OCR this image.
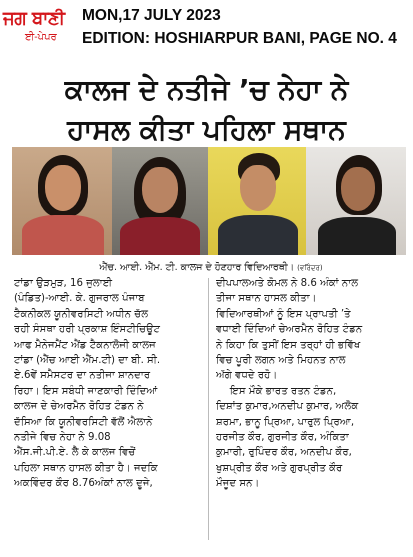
ਜਗ ਬਾਣੀ
ਈ-ਪੇਪਰ
MON,17 JULY 2023
EDITION: HOSHIARPUR BANI, PAGE NO. 4
ਕਾਲਜ ਦੇ ਨਤੀਜੇ ’ਚ ਨੇਹਾ ਨੇ
ਹਾਸਲ ਕੀਤਾ ਪਹਿਲਾ ਸਥਾਨ
ਐੱਚ. ਆਈ. ਐੱਮ. ਟੀ. ਕਾਲਜ ਦੇ ਹੋਣਹਾਰ ਵਿਦਿਆਰਥੀ। (ਵਰਿੰਦਰ)
ਟਾਂਡਾ ਉੜਮੁੜ, 16 ਜੁਲਾਈ
(ਪੰਡਿਤ)-ਆਈ. ਕੇ. ਗੁਜਰਾਲ ਪੰਜਾਬ
ਟੈਕਨੀਕਲ ਯੂਨੀਵਰਸਿਟੀ ਅਧੀਨ ਚੱਲ
ਰਹੀ ਸੰਸਥਾ ਹਰੀ ਪ੍ਰਕਾਸ਼ ਇੰਸਟੀਚਿਊਟ
ਆਫ ਮੈਨੇਜਮੈਂਟ ਐਂਡ ਟੈਕਨਾਲੋਜੀ ਕਾਲਜ
ਟਾਂਡਾ (ਐੱਚ ਆਈ ਐੱਮ.ਟੀ) ਦਾ ਬੀ. ਸੀ.
ਏ.6ਵੇਂ ਸਮੈਸਟਰ ਦਾ ਨਤੀਜਾ ਸ਼ਾਨਦਾਰ
ਰਿਹਾ। ਇਸ ਸਬੰਧੀ ਜਾਣਕਾਰੀ ਦਿੰਦਿਆਂ
ਕਾਲਜ ਦੇ ਚੇਅਰਮੈਨ ਰੋਹਿਤ ਟੰਡਨ ਨੇ
ਦੱਸਿਆ ਕਿ ਯੂਨੀਵਰਸਿਟੀ ਵੱਲੋਂ ਐਲਾਨੇ
ਨਤੀਜੇ ਵਿਚ ਨੇਹਾ ਨੇ 9.08
ਐੱਸ.ਜੀ.ਪੀ.ਏ. ਲੈ ਕੇ ਕਾਲਜ ਵਿਚੋਂ
ਪਹਿਲਾ ਸਥਾਨ ਹਾਸਲ ਕੀਤਾ ਹੈ। ਜਦਕਿ
ਅਕਵਿੰਦਰ ਕੌਰ 8.76ਅੰਕਾਂ ਨਾਲ ਦੂਜੇ,
ਦੀਪਪਾਲਅਤੇ ਕੋਮਲ ਨੇ 8.6 ਅੰਕਾਂ ਨਾਲ
ਤੀਜਾ ਸਥਾਨ ਹਾਸਲ ਕੀਤਾ।
ਵਿਦਿਆਰਥੀਆਂ ਨੂੰ ਇਸ ਪ੍ਰਾਪਤੀ ’ਤੇ
ਵਧਾਈ ਦਿੰਦਿਆਂ ਚੇਅਰਮੈਨ ਰੋਹਿਤ ਟੰਡਨ
ਨੇ ਕਿਹਾ ਕਿ ਤੁਸੀਂ ਇਸ ਤਰ੍ਹਾਂ ਹੀ ਭਵਿੱਖ
ਵਿਚ ਪੂਰੀ ਲਗਨ ਅਤੇ ਮਿਹਨਤ ਨਾਲ
ਅੱਗੇ ਵਧਦੇ ਰਹੋ।
ਇਸ ਮੌਕੇ ਭਾਰਤ ਰਤਨ ਟੰਡਨ,
ਦਿਸ਼ਾਂਤ ਕੁਮਾਰ,ਅਨਦੀਪ ਕੁਮਾਰ, ਅਲੋਕ
ਸ਼ਰਮਾ, ਭਾਨੂ ਪ੍ਰਿਆ, ਪਾਰੁਲ ਪ੍ਰਿਆ,
ਹਰਜੀਤ ਕੌਰ, ਗੁਰਜੀਤ ਕੌਰ, ਅੰਕਿਤਾ
ਕੁਮਾਰੀ, ਰੁਪਿੰਦਰ ਕੌਰ, ਅਨਦੀਪ ਕੌਰ,
ਖੁਸ਼ਪ੍ਰੀਤ ਕੌਰ ਅਤੇ ਗੁਰਪ੍ਰੀਤ ਕੌਰ
ਮੌਜੂਦ ਸਨ।
